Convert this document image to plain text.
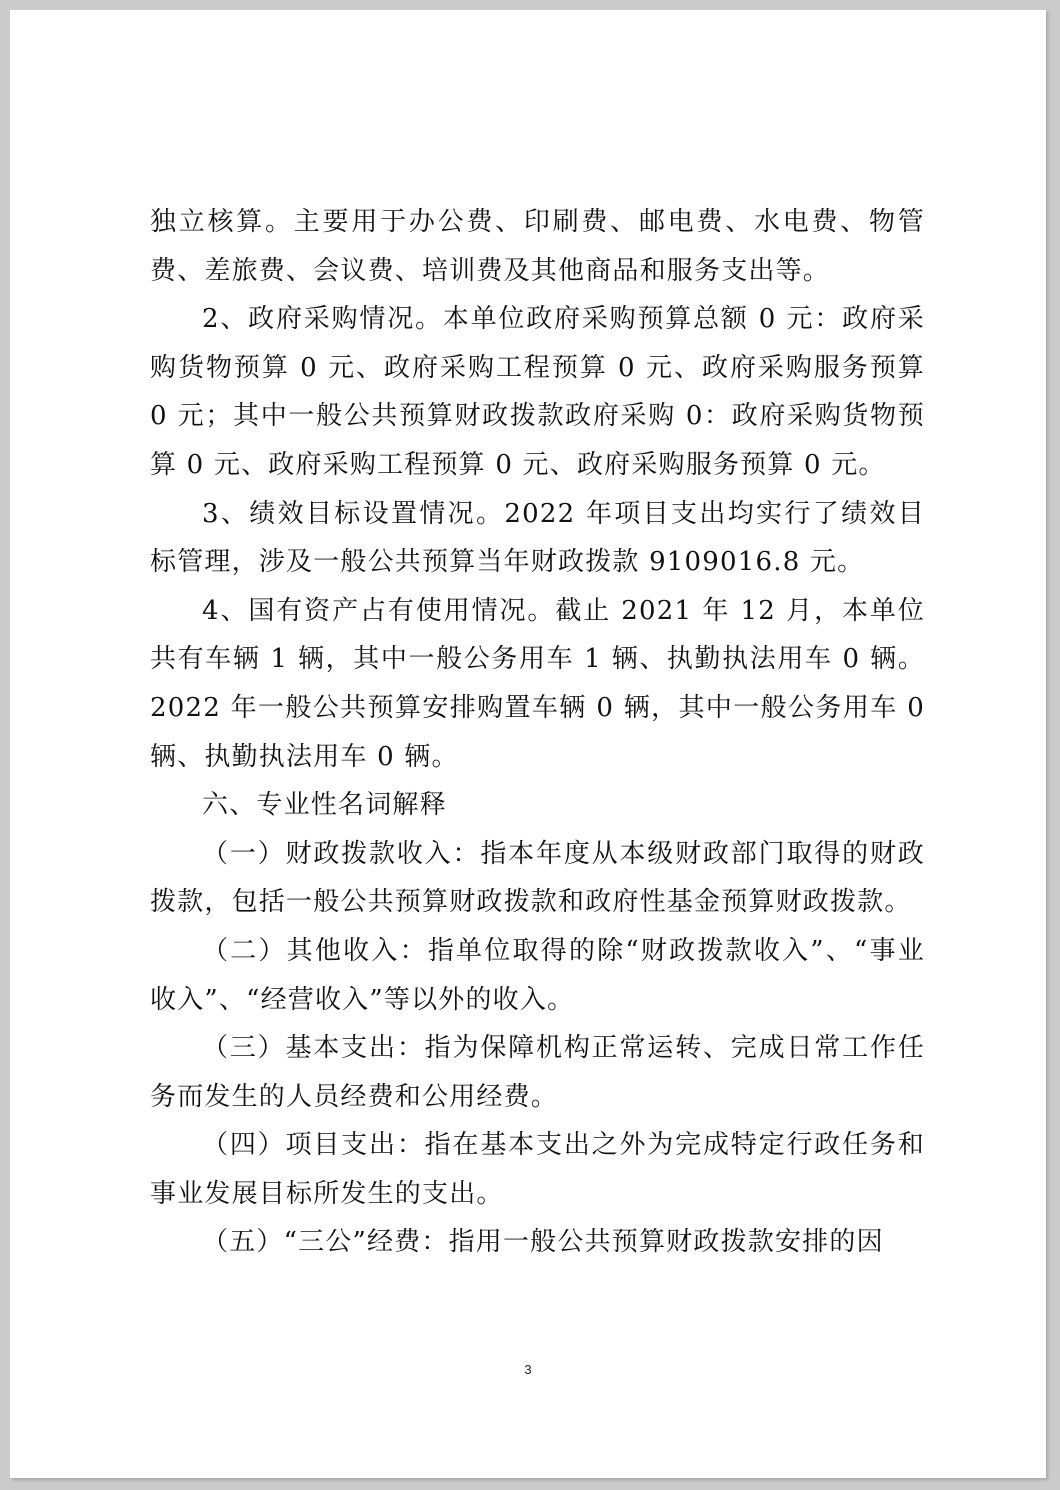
独立核算。主要用于办公费、印刷费、邮电费、水电费、物管费、差旅费、会议费、培训费及其他商品和服务支出等。

2、政府采购情况。本单位政府采购预算总额 0 元：政府采购货物预算 0 元、政府采购工程预算 0 元、政府采购服务预算 0 元；其中一般公共预算财政拨款政府采购 0：政府采购货物预算 0 元、政府采购工程预算 0 元、政府采购服务预算 0 元。

3、绩效目标设置情况。2022 年项目支出均实行了绩效目标管理，涉及一般公共预算当年财政拨款 9109016.8 元。

4、国有资产占有使用情况。截止 2021 年 12 月，本单位共有车辆 1 辆，其中一般公务用车 1 辆、执勤执法用车 0 辆。2022 年一般公共预算安排购置车辆 0 辆，其中一般公务用车 0 辆、执勤执法用车 0 辆。

六、专业性名词解释

（一）财政拨款收入：指本年度从本级财政部门取得的财政拨款，包括一般公共预算财政拨款和政府性基金预算财政拨款。

（二）其他收入：指单位取得的除“财政拨款收入”、“事业收入”、“经营收入”等以外的收入。

（三）基本支出：指为保障机构正常运转、完成日常工作任务而发生的人员经费和公用经费。

（四）项目支出：指在基本支出之外为完成特定行政任务和事业发展目标所发生的支出。

（五）“三公”经费：指用一般公共预算财政拨款安排的因

3
